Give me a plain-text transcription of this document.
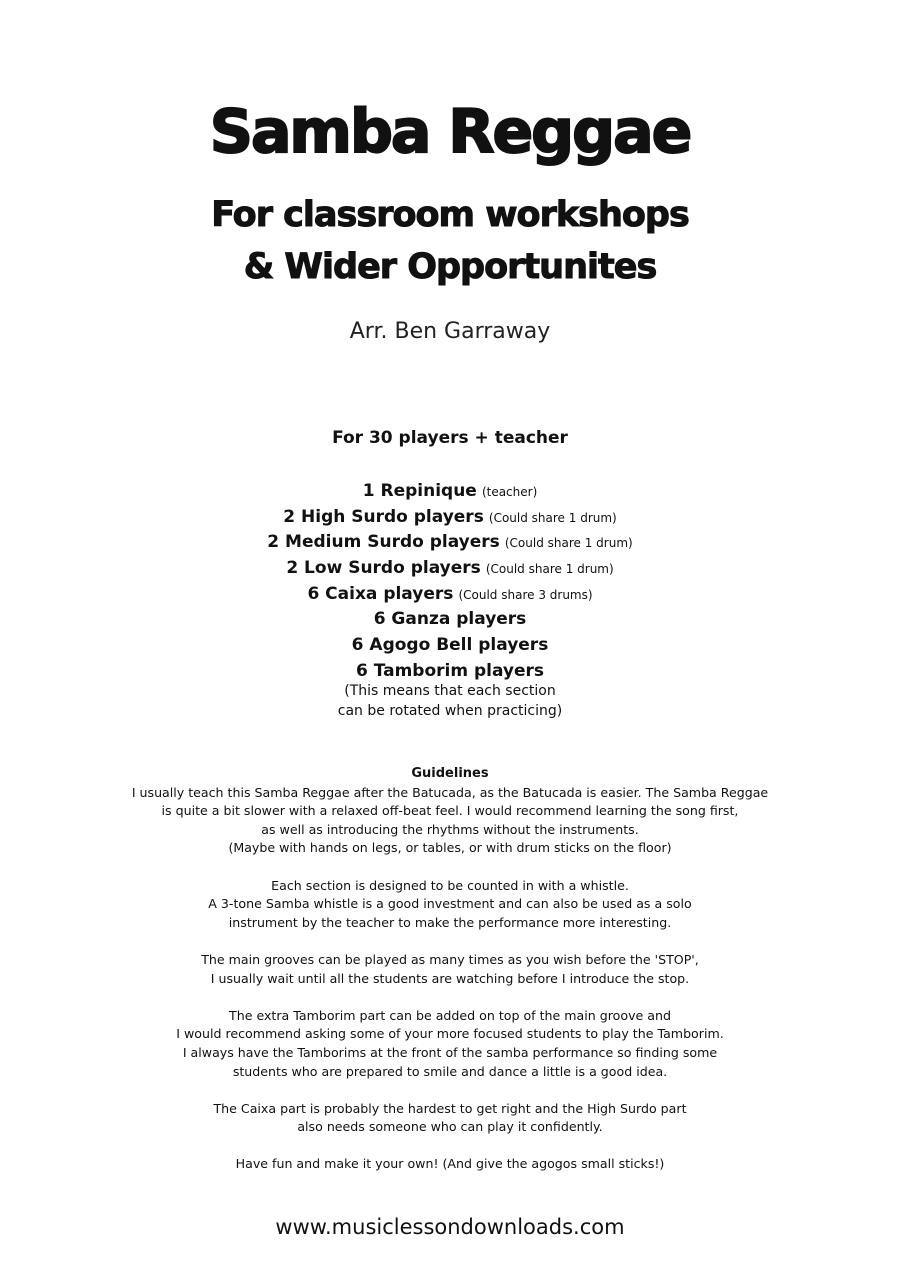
Samba Reggae
For classroom workshops
& Wider Opportunites
Arr. Ben Garraway
For 30 players + teacher
1 Repinique (teacher)
2 High Surdo players (Could share 1 drum)
2 Medium Surdo players (Could share 1 drum)
2 Low Surdo players (Could share 1 drum)
6 Caixa players (Could share 3 drums)
6 Ganza players
6 Agogo Bell players
6 Tamborim players
(This means that each section
can be rotated when practicing)
Guidelines
I usually teach this Samba Reggae after the Batucada, as the Batucada is easier. The Samba Reggae
is quite a bit slower with a relaxed off-beat feel. I would recommend learning the song first,
as well as introducing the rhythms without the instruments.
(Maybe with hands on legs, or tables, or with drum sticks on the floor)
Each section is designed to be counted in with a whistle.
A 3-tone Samba whistle is a good investment and can also be used as a solo
instrument by the teacher to make the performance more interesting.
The main grooves can be played as many times as you wish before the 'STOP',
I usually wait until all the students are watching before I introduce the stop.
The extra Tamborim part can be added on top of the main groove and
I would recommend asking some of your more focused students to play the Tamborim.
I always have the Tamborims at the front of the samba performance so finding some
students who are prepared to smile and dance a little is a good idea.
The Caixa part is probably the hardest to get right and the High Surdo part
also needs someone who can play it confidently.
Have fun and make it your own! (And give the agogos small sticks!)
www.musiclessondownloads.com
